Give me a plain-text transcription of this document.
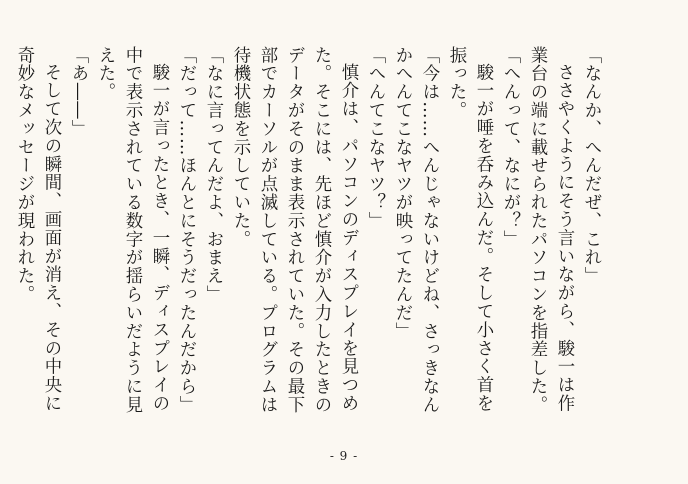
「なんか、へんだぜ、これ」

ささやくようにそう言いながら、駿一は作業台の端に載せられたパソコンを指差した。

「へんって、なにが？」

駿一が唾を呑み込んだ。そして小さく首を振った。

「今は……へんじゃないけどね、さっきなんかへんてこなヤツが映ってたんだ」

「へんてこなヤツ？」

慎介は、パソコンのディスプレイを見つめた。そこには、先ほど慎介が入力したときのデータがそのまま表示されていた。その最下部でカーソルが点滅している。プログラムは待機状態を示していた。

「なに言ってんだよ、おまえ」

「だって……ほんとにそうだったんだから」

駿一が言ったとき、一瞬、ディスプレイの中で表示されている数字が揺らいだように見えた。

「あ――」

そして次の瞬間、画面が消え、その中央に奇妙なメッセージが現われた。

- 9 -
